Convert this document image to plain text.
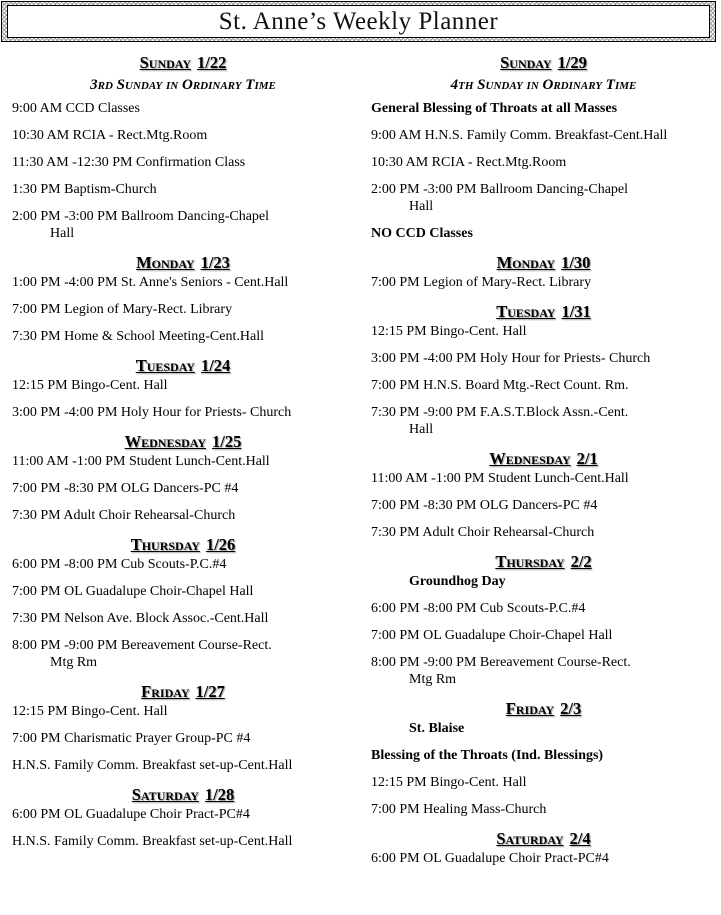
St. Anne’s Weekly Planner
Sunday 1/22
3rd Sunday in Ordinary Time
9:00 AM CCD Classes
10:30 AM RCIA - Rect.Mtg.Room
11:30 AM -12:30 PM Confirmation Class
1:30 PM Baptism-Church
2:00 PM -3:00 PM Ballroom Dancing-Chapel
Hall
Monday 1/23
1:00 PM -4:00 PM St. Anne's Seniors - Cent.Hall
7:00 PM Legion of Mary-Rect. Library
7:30 PM Home & School Meeting-Cent.Hall
Tuesday 1/24
12:15 PM Bingo-Cent. Hall
3:00 PM -4:00 PM Holy Hour for Priests- Church
Wednesday 1/25
11:00 AM -1:00 PM Student Lunch-Cent.Hall
7:00 PM -8:30 PM OLG Dancers-PC #4
7:30 PM Adult Choir Rehearsal-Church
Thursday 1/26
6:00 PM -8:00 PM Cub Scouts-P.C.#4
7:00 PM OL Guadalupe Choir-Chapel Hall
7:30 PM Nelson Ave. Block Assoc.-Cent.Hall
8:00 PM -9:00 PM Bereavement Course-Rect.
Mtg Rm
Friday 1/27
12:15 PM Bingo-Cent. Hall
7:00 PM Charismatic Prayer Group-PC #4
H.N.S. Family Comm. Breakfast set-up-Cent.Hall
Saturday 1/28
6:00 PM OL Guadalupe Choir Pract-PC#4
H.N.S. Family Comm. Breakfast set-up-Cent.Hall
Sunday 1/29
4th Sunday in Ordinary Time
General Blessing of Throats at all Masses
9:00 AM H.N.S. Family Comm. Breakfast-Cent.Hall
10:30 AM RCIA - Rect.Mtg.Room
2:00 PM -3:00 PM Ballroom Dancing-Chapel
Hall
NO CCD Classes
Monday 1/30
7:00 PM Legion of Mary-Rect. Library
Tuesday 1/31
12:15 PM Bingo-Cent. Hall
3:00 PM -4:00 PM Holy Hour for Priests- Church
7:00 PM H.N.S. Board Mtg.-Rect Count. Rm.
7:30 PM -9:00 PM F.A.S.T.Block Assn.-Cent.
Hall
Wednesday 2/1
11:00 AM -1:00 PM Student Lunch-Cent.Hall
7:00 PM -8:30 PM OLG Dancers-PC #4
7:30 PM Adult Choir Rehearsal-Church
Thursday 2/2
Groundhog Day
6:00 PM -8:00 PM Cub Scouts-P.C.#4
7:00 PM OL Guadalupe Choir-Chapel Hall
8:00 PM -9:00 PM Bereavement Course-Rect.
Mtg Rm
Friday 2/3
St. Blaise
Blessing of the Throats (Ind. Blessings)
12:15 PM Bingo-Cent. Hall
7:00 PM Healing Mass-Church
Saturday 2/4
6:00 PM OL Guadalupe Choir Pract-PC#4
